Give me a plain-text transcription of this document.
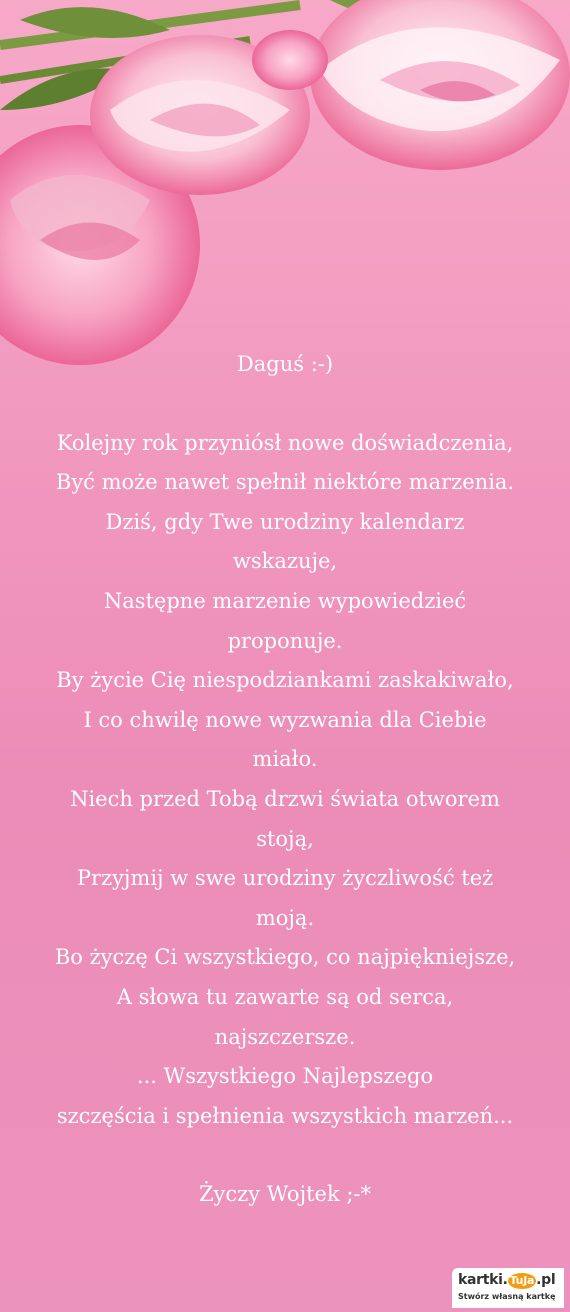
Daguś :-)

Kolejny rok przyniósł nowe doświadczenia,

Być może nawet spełnił niektóre marzenia.

Dziś, gdy Twe urodziny kalendarz

wskazuje,

Następne marzenie wypowiedzieć

proponuje.

By życie Cię niespodziankami zaskakiwało,

I co chwilę nowe wyzwania dla Ciebie

miało.

Niech przed Tobą drzwi świata otworem

stoją,

Przyjmij w swe urodziny życzliwość też

moją.

Bo życzę Ci wszystkiego, co najpiękniejsze,

A słowa tu zawarte są od serca,

najszczersze.

... Wszystkiego Najlepszego

szczęścia i spełnienia wszystkich marzeń...

Życzy Wojtek ;-*

kartki. TuJa .pl
Stwórz własną kartkę
